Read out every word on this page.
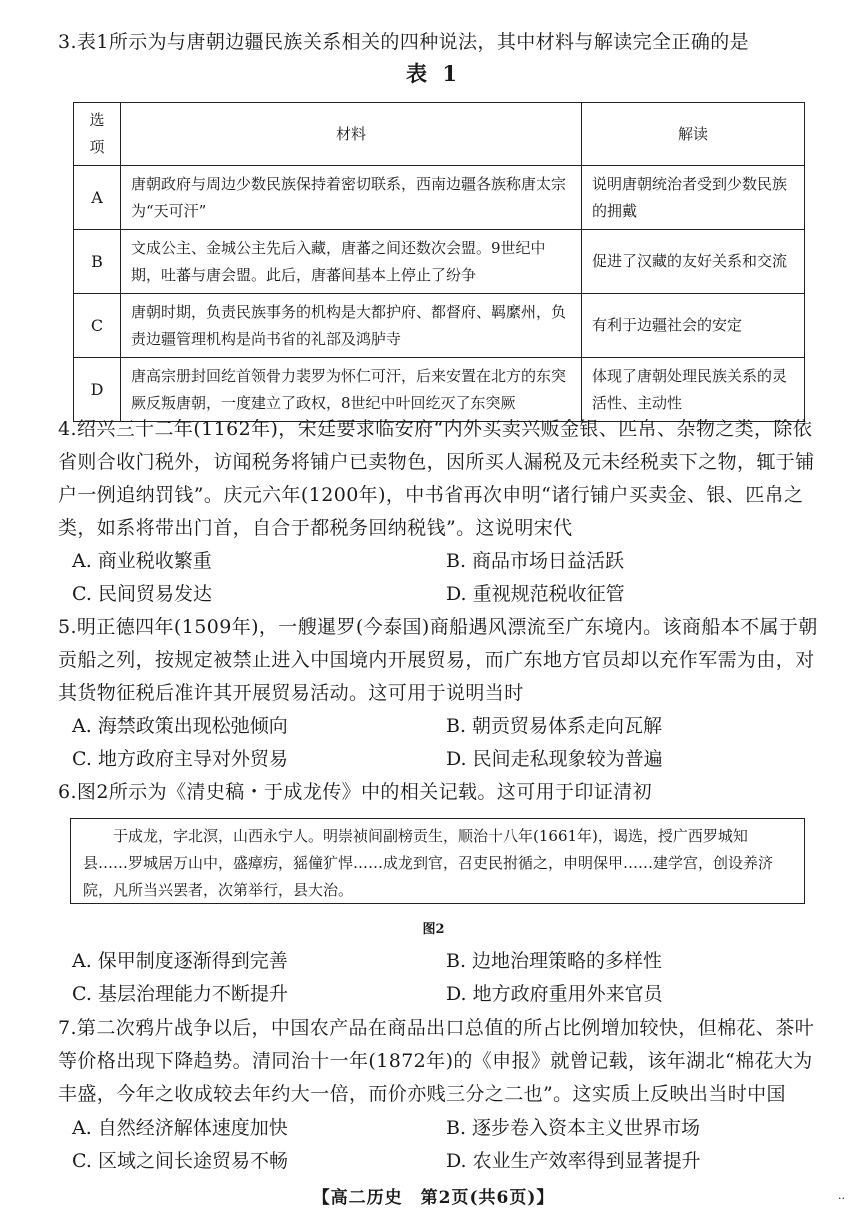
3.表1所示为与唐朝边疆民族关系相关的四种说法，其中材料与解读完全正确的是
表 1
选项	材料	解读
A	唐朝政府与周边少数民族保持着密切联系，西南边疆各族称唐太宗为“天可汗”	说明唐朝统治者受到少数民族的拥戴
B	文成公主、金城公主先后入藏，唐蕃之间还数次会盟。9世纪中期，吐蕃与唐会盟。此后，唐蕃间基本上停止了纷争	促进了汉藏的友好关系和交流
C	唐朝时期，负责民族事务的机构是大都护府、都督府、羁縻州，负责边疆管理机构是尚书省的礼部及鸿胪寺	有利于边疆社会的安定
D	唐高宗册封回纥首领骨力裴罗为怀仁可汗，后来安置在北方的东突厥反叛唐朝，一度建立了政权，8世纪中叶回纥灭了东突厥	体现了唐朝处理民族关系的灵活性、主动性
4.绍兴三十二年(1162年)，宋廷要求临安府“内外买卖兴贩金银、匹帛、杂物之类，除依省则合收门税外，访闻税务将铺户已卖物色，因所买人漏税及元未经税卖下之物，辄于铺户一例追纳罚钱”。庆元六年(1200年)，中书省再次申明“诸行铺户买卖金、银、匹帛之类，如系将带出门首，自合于都税务回纳税钱”。这说明宋代
A. 商业税收繁重	B. 商品市场日益活跃
C. 民间贸易发达	D. 重视规范税收征管
5.明正德四年(1509年)，一艘暹罗(今泰国)商船遇风漂流至广东境内。该商船本不属于朝贡船之列，按规定被禁止进入中国境内开展贸易，而广东地方官员却以充作军需为由，对其货物征税后准许其开展贸易活动。这可用于说明当时
A. 海禁政策出现松弛倾向	B. 朝贡贸易体系走向瓦解
C. 地方政府主导对外贸易	D. 民间走私现象较为普遍
6.图2所示为《清史稿・于成龙传》中的相关记载。这可用于印证清初
于成龙，字北溟，山西永宁人。明崇祯间副榜贡生，顺治十八年(1661年)，谒选，授广西罗城知县……罗城居万山中，盛瘴疠，猺僮犷悍……成龙到官，召吏民拊循之，申明保甲……建学宫，创设养济院，凡所当兴罢者，次第举行，县大治。
图2
A. 保甲制度逐渐得到完善	B. 边地治理策略的多样性
C. 基层治理能力不断提升	D. 地方政府重用外来官员
7.第二次鸦片战争以后，中国农产品在商品出口总值的所占比例增加较快，但棉花、茶叶等价格出现下降趋势。清同治十一年(1872年)的《申报》就曾记载，该年湖北“棉花大为丰盛，今年之收成较去年约大一倍，而价亦贱三分之二也”。这实质上反映出当时中国
A. 自然经济解体速度加快	B. 逐步卷入资本主义世界市场
C. 区域之间长途贸易不畅	D. 农业生产效率得到显著提升
【高二历史　第2页(共6页)】	··
